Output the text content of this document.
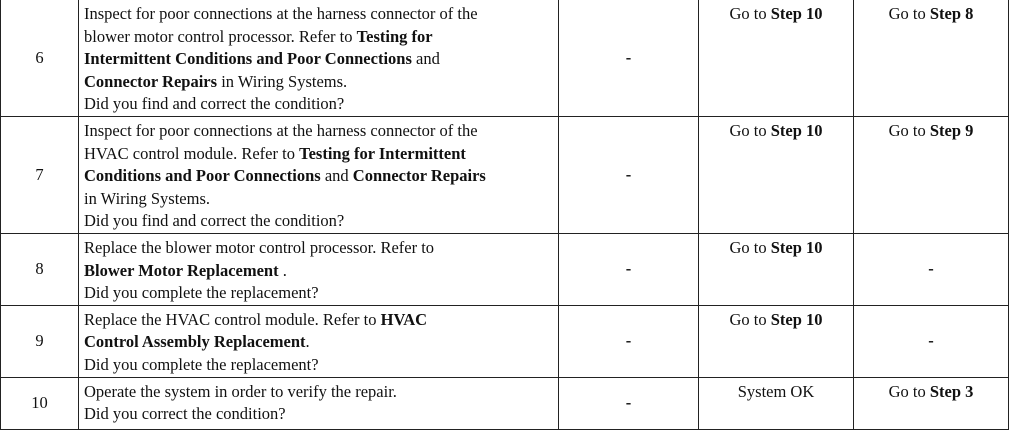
6	Inspect for poor connections at the harness connector of the
blower motor control processor. Refer to Testing for
Intermittent Conditions and Poor Connections and
Connector Repairs in Wiring Systems.
Did you find and correct the condition?	-	Go to Step 10	Go to Step 8
7	Inspect for poor connections at the harness connector of the
HVAC control module. Refer to Testing for Intermittent
Conditions and Poor Connections and Connector Repairs
in Wiring Systems.
Did you find and correct the condition?	-	Go to Step 10	Go to Step 9
8	Replace the blower motor control processor. Refer to
Blower Motor Replacement .
Did you complete the replacement?	-	Go to Step 10	-
9	Replace the HVAC control module. Refer to HVAC
Control Assembly Replacement.
Did you complete the replacement?	-	Go to Step 10	-
10	Operate the system in order to verify the repair.
Did you correct the condition?	-	System OK	Go to Step 3
